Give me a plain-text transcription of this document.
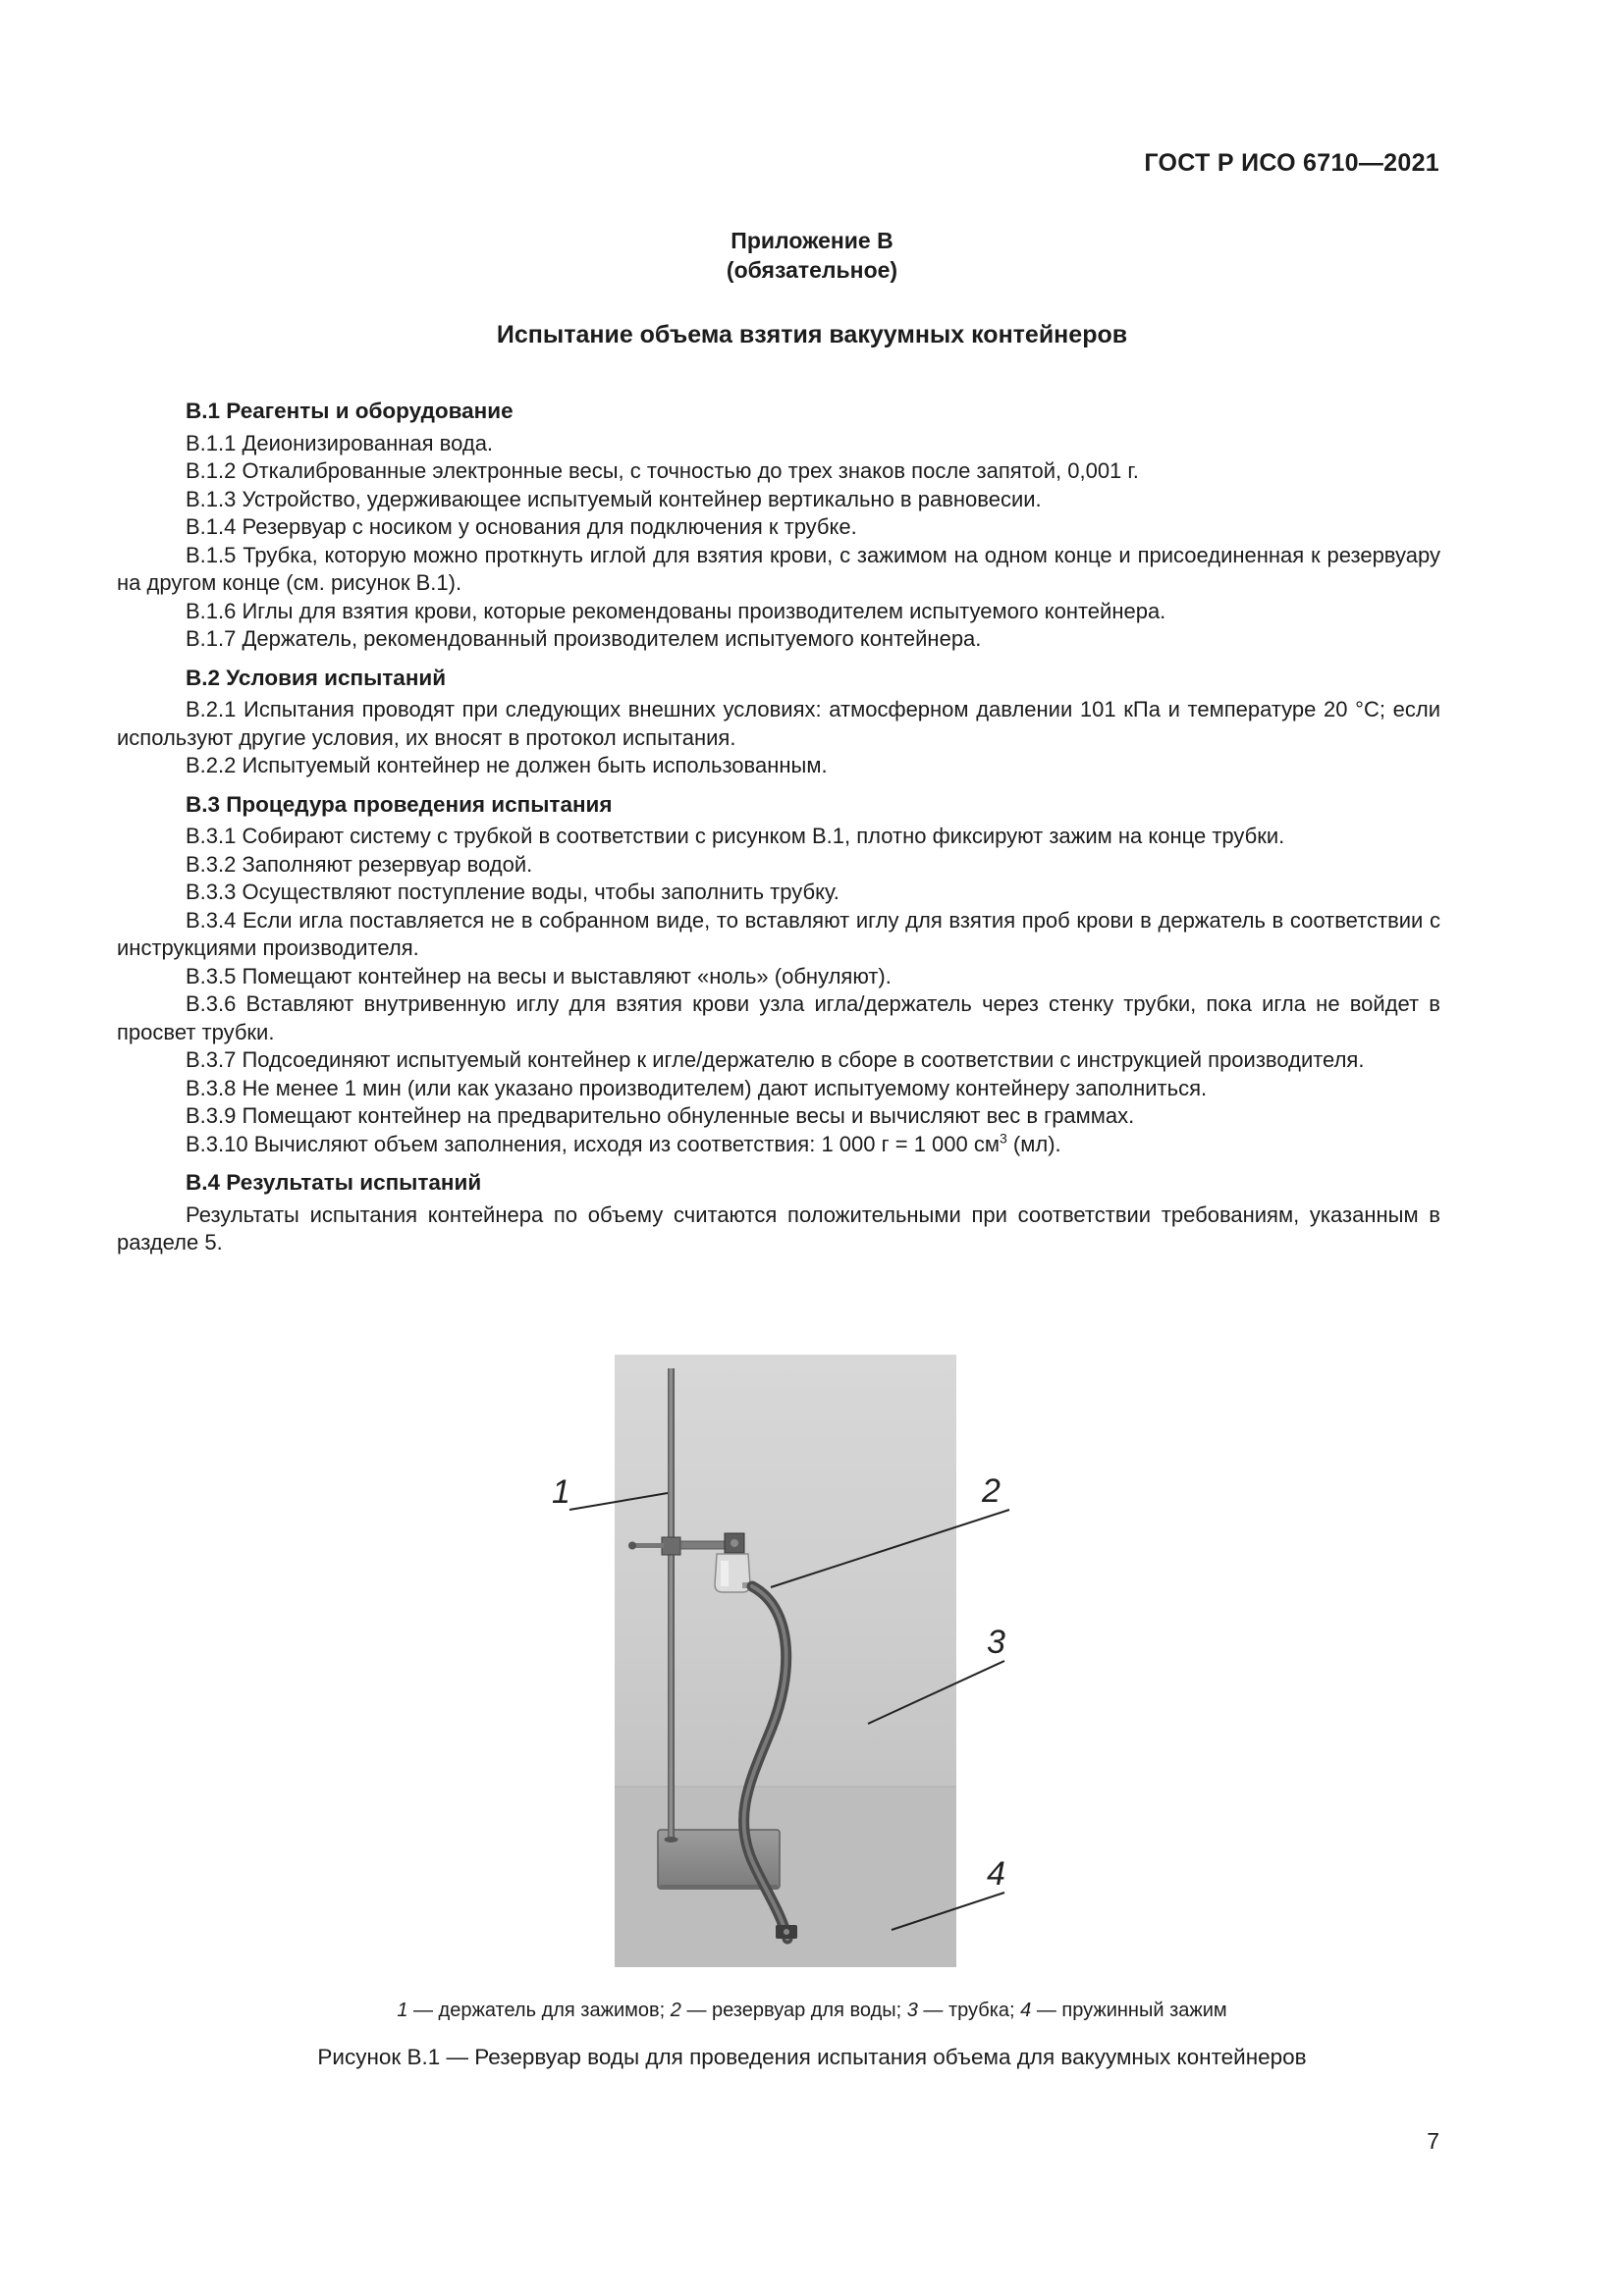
ГОСТ Р ИСО 6710—2021
Приложение В
(обязательное)
Испытание объема взятия вакуумных контейнеров
В.1 Реагенты и оборудование

В.1.1 Деионизированная вода.

В.1.2 Откалиброванные электронные весы, с точностью до трех знаков после запятой, 0,001 г.

В.1.3 Устройство, удерживающее испытуемый контейнер вертикально в равновесии.

В.1.4 Резервуар с носиком у основания для подключения к трубке.

В.1.5 Трубка, которую можно проткнуть иглой для взятия крови, с зажимом на одном конце и присоединенная к резервуару на другом конце (см. рисунок В.1).

В.1.6 Иглы для взятия крови, которые рекомендованы производителем испытуемого контейнера.

В.1.7 Держатель, рекомендованный производителем испытуемого контейнера.

В.2 Условия испытаний

В.2.1 Испытания проводят при следующих внешних условиях: атмосферном давлении 101 кПа и температуре 20 °С; если используют другие условия, их вносят в протокол испытания.

В.2.2 Испытуемый контейнер не должен быть использованным.

В.3 Процедура проведения испытания

В.3.1 Собирают систему с трубкой в соответствии с рисунком В.1, плотно фиксируют зажим на конце трубки.

В.3.2 Заполняют резервуар водой.

В.3.3 Осуществляют поступление воды, чтобы заполнить трубку.

В.3.4 Если игла поставляется не в собранном виде, то вставляют иглу для взятия проб крови в держатель в соответствии с инструкциями производителя.

В.3.5 Помещают контейнер на весы и выставляют «ноль» (обнуляют).

В.3.6 Вставляют внутривенную иглу для взятия крови узла игла/держатель через стенку трубки, пока игла не войдет в просвет трубки.

В.3.7 Подсоединяют испытуемый контейнер к игле/держателю в сборе в соответствии с инструкцией производителя.

В.3.8 Не менее 1 мин (или как указано производителем) дают испытуемому контейнеру заполниться.

В.3.9 Помещают контейнер на предварительно обнуленные весы и вычисляют вес в граммах.

В.3.10 Вычисляют объем заполнения, исходя из соответствия: 1 000 г = 1 000 $см^3$ (мл).

В.4 Результаты испытаний

Результаты испытания контейнера по объему считаются положительными при соответствии требованиям, указанным в разделе 5.

1	2
3
4
1 — держатель для зажимов; 2 — резервуар для воды; 3 — трубка; 4 — пружинный зажим
Рисунок В.1 — Резервуар воды для проведения испытания объема для вакуумных контейнеров
7
